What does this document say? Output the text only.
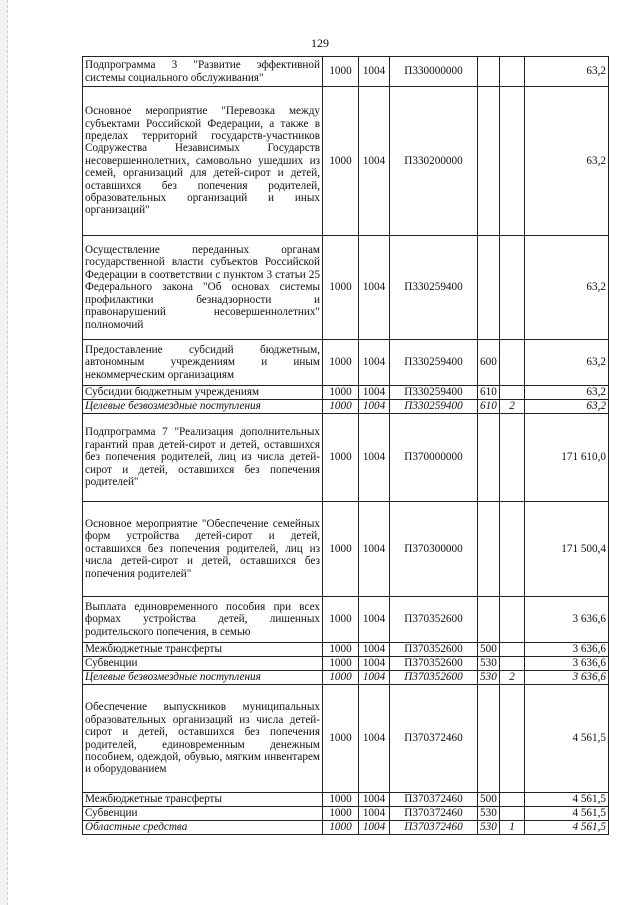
129
Подпрограмма 3 "Развитие эффективной системы социального обслуживания"	1000	1004	П330000000			63,2
Основное мероприятие "Перевозка между субъектами Российской Федерации, а также в пределах территорий государств-участников Содружества Независимых Государств несовершеннолетних, самовольно ушедших из семей, организаций для детей-сирот и детей, оставшихся без попечения родителей, образовательных организаций и иных организаций"	1000	1004	П330200000			63,2
Осуществление переданных органам государственной власти субъектов Российской Федерации в соответствии с пунктом 3 статьи 25 Федерального закона "Об основах системы профилактики безнадзорности и правонарушений несовершеннолетних" полномочий	1000	1004	П330259400			63,2
Предоставление субсидий бюджетным, автономным учреждениям и иным некоммерческим организациям	1000	1004	П330259400	600		63,2
Субсидии бюджетным учреждениям	1000	1004	П330259400	610		63,2
Целевые безвозмездные поступления	1000	1004	П330259400	610	2	63,2
Подпрограмма 7 "Реализация дополнительных гарантий прав детей-сирот и детей, оставшихся без попечения родителей, лиц из числа детей-сирот и детей, оставшихся без попечения родителей"	1000	1004	П370000000			171 610,0
Основное мероприятие "Обеспечение семейных форм устройства детей-сирот и детей, оставшихся без попечения родителей, лиц из числа детей-сирот и детей, оставшихся без попечения родителей"	1000	1004	П370300000			171 500,4
Выплата единовременного пособия при всех формах устройства детей, лишенных родительского попечения, в семью	1000	1004	П370352600			3 636,6
Межбюджетные трансферты	1000	1004	П370352600	500		3 636,6
Субвенции	1000	1004	П370352600	530		3 636,6
Целевые безвозмездные поступления	1000	1004	П370352600	530	2	3 636,6
Обеспечение выпускников муниципальных образовательных организаций из числа детей-сирот и детей, оставшихся без попечения родителей, единовременным денежным пособием, одеждой, обувью, мягким инвентарем и оборудованием	1000	1004	П370372460			4 561,5
Межбюджетные трансферты	1000	1004	П370372460	500		4 561,5
Субвенции	1000	1004	П370372460	530		4 561,5
Областные средства	1000	1004	П370372460	530	1	4 561,5
